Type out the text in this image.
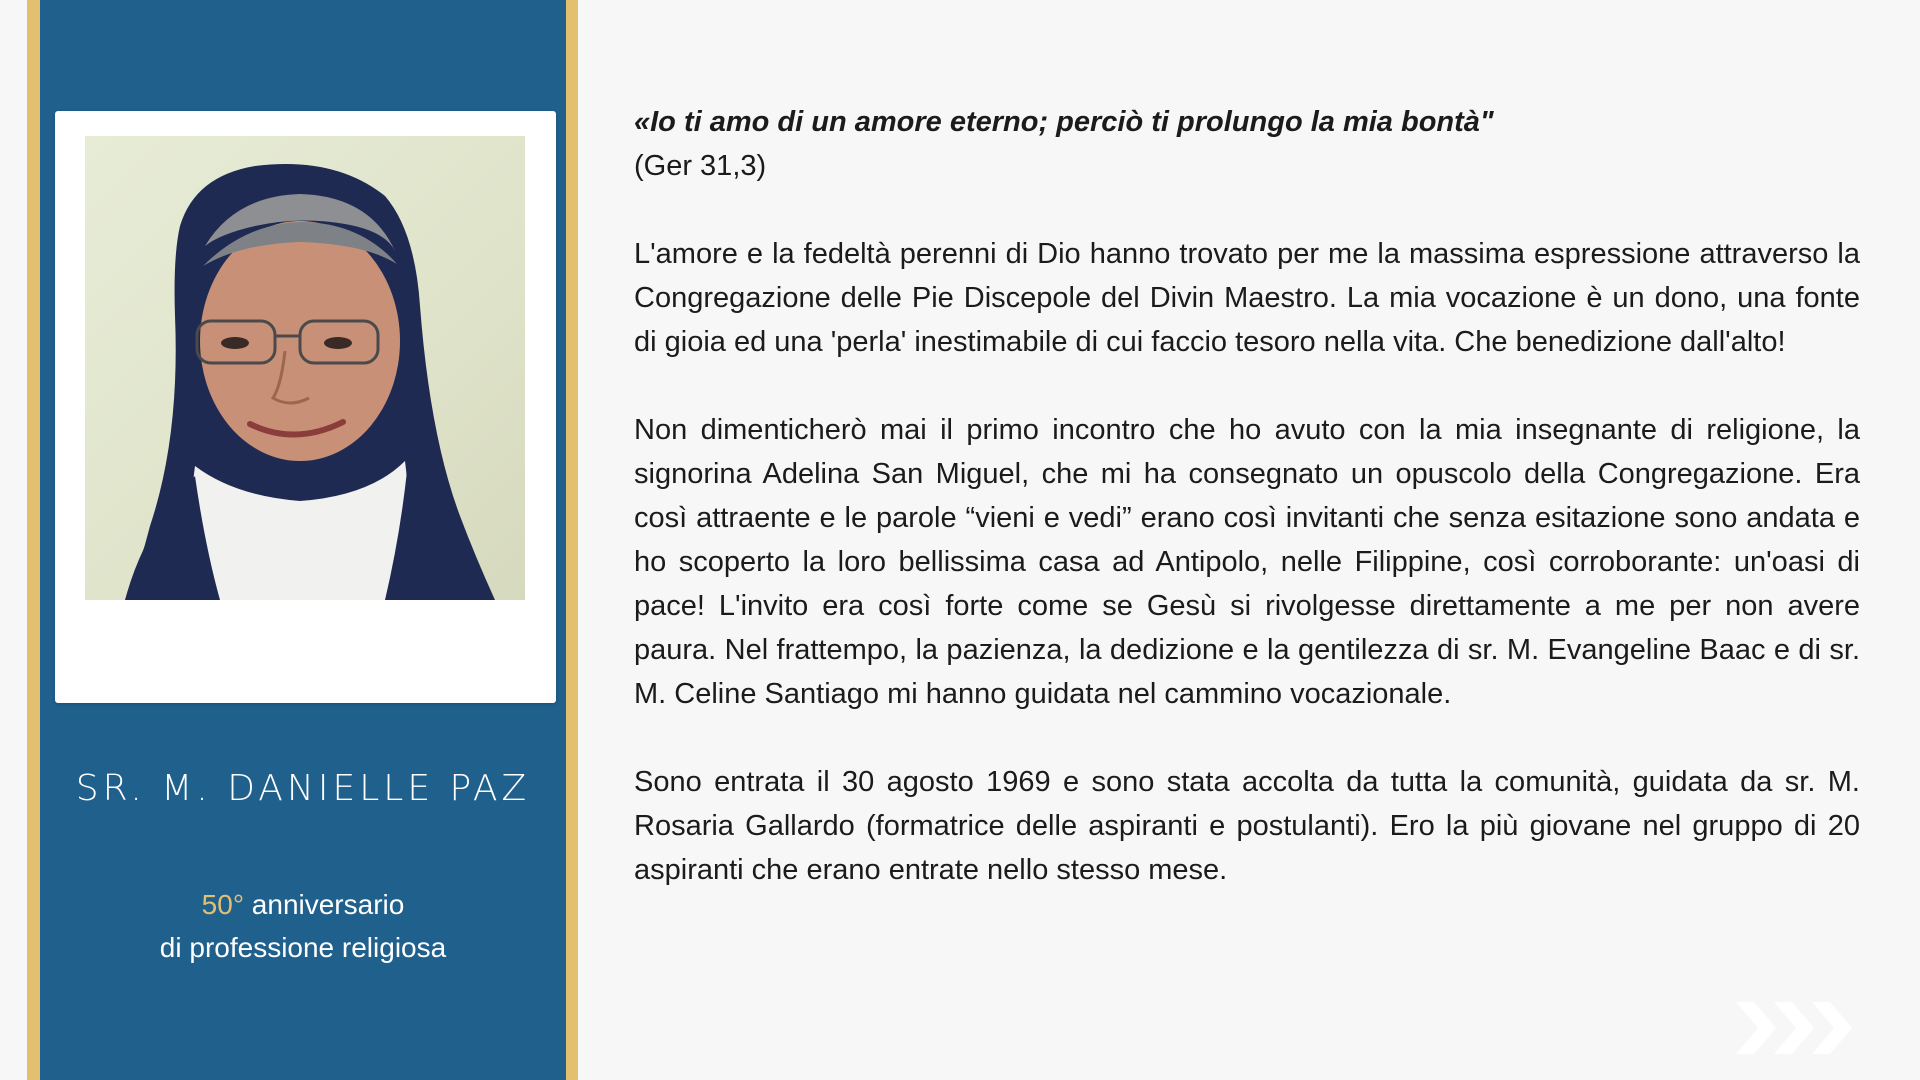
SR. M. DANIELLE PAZ
50° anniversario
di professione religiosa

«Io ti amo di un amore eterno; perciò ti prolungo la mia bontà"

(Ger 31,3)

L'amore e la fedeltà perenni di Dio hanno trovato per me la massima espressione attraverso la Congregazione delle Pie Discepole del Divin Maestro. La mia vocazione è un dono, una fonte di gioia ed una 'perla' inestimabile di cui faccio tesoro nella vita. Che benedizione dall'alto!

Non dimenticherò mai il primo incontro che ho avuto con la mia insegnante di religione, la signorina Adelina San Miguel, che mi ha consegnato un opuscolo della Congregazione. Era così attraente e le parole “vieni e vedi” erano così invitanti che senza esitazione sono andata e ho scoperto la loro bellissima casa ad Antipolo, nelle Filippine, così corroborante: un'oasi di pace! L'invito era così forte come se Gesù si rivolgesse direttamente a me per non avere paura. Nel frattempo, la pazienza, la dedizione e la gentilezza di sr. M. Evangeline Baac e di sr. M. Celine Santiago mi hanno guidata nel cammino vocazionale.

Sono entrata il 30 agosto 1969 e sono stata accolta da tutta la comunità, guidata da sr. M. Rosaria Gallardo (formatrice delle aspiranti e postulanti). Ero la più giovane nel gruppo di 20 aspiranti che erano entrate nello stesso mese.
